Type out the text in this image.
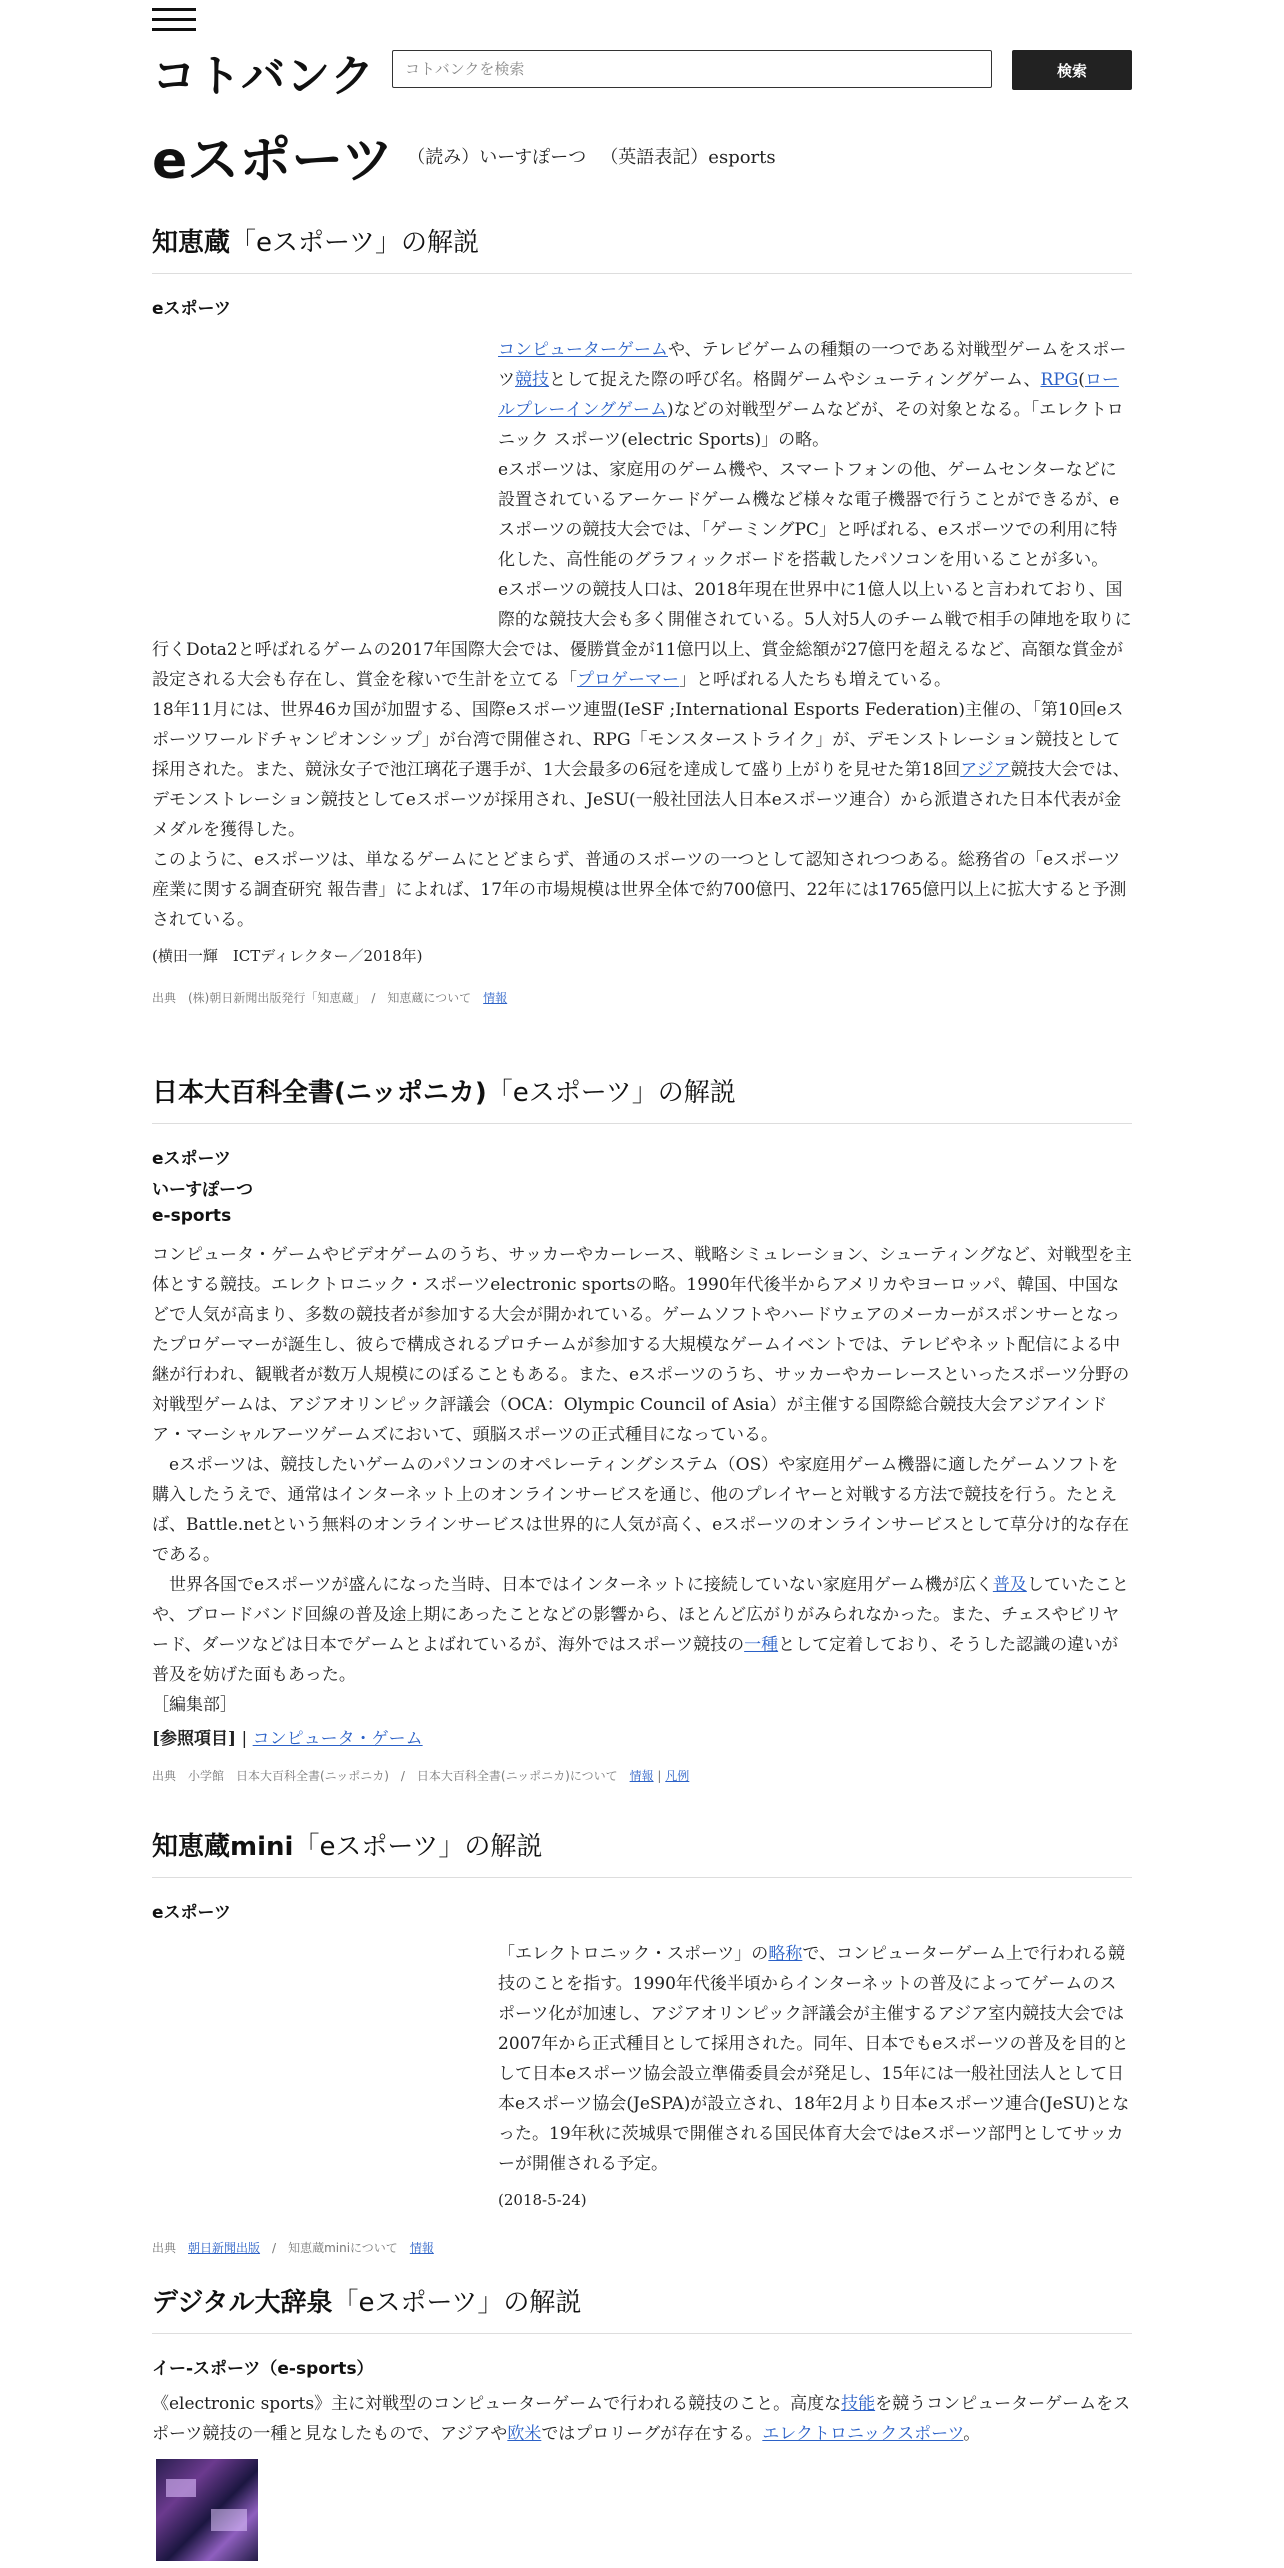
コトバンク
コトバンクを検索	検索
eスポーツ （読み）いーすぽーつ （英語表記）esports
知恵蔵「eスポーツ」の解説
eスポーツ

コンピューターゲームや、テレビゲームの種類の一つである対戦型ゲームをスポーツ競技として捉えた際の呼び名。格闘ゲームやシューティングゲーム、RPG(ロールプレーイングゲーム)などの対戦型ゲームなどが、その対象となる。「エレクトロニック スポーツ(electric Sports)」の略。

eスポーツは、家庭用のゲーム機や、スマートフォンの他、ゲームセンターなどに設置されているアーケードゲーム機など様々な電子機器で行うことができるが、eスポーツの競技大会では、「ゲーミングPC」と呼ばれる、eスポーツでの利用に特化した、高性能のグラフィックボードを搭載したパソコンを用いることが多い。

eスポーツの競技人口は、2018年現在世界中に1億人以上いると言われており、国際的な競技大会も多く開催されている。5人対5人のチーム戦で相手の陣地を取りに行くDota2と呼ばれるゲームの2017年国際大会では、優勝賞金が11億円以上、賞金総額が27億円を超えるなど、高額な賞金が設定される大会も存在し、賞金を稼いで生計を立てる「プロゲーマー」と呼ばれる人たちも増えている。

18年11月には、世界46カ国が加盟する、国際eスポーツ連盟(IeSF ;International Esports Federation)主催の、「第10回eスポーツワールドチャンピオンシップ」が台湾で開催され、RPG「モンスターストライク」が、デモンストレーション競技として採用された。また、競泳女子で池江璃花子選手が、1大会最多の6冠を達成して盛り上がりを見せた第18回アジア競技大会では、デモンストレーション競技としてeスポーツが採用され、JeSU(一般社団法人日本eスポーツ連合）から派遣された日本代表が金メダルを獲得した。

このように、eスポーツは、単なるゲームにとどまらず、普通のスポーツの一つとして認知されつつある。総務省の「eスポーツ産業に関する調査研究 報告書」によれば、17年の市場規模は世界全体で約700億円、22年には1765億円以上に拡大すると予測されている。

(横田一輝　ICTディレクター／2018年)
出典　(株)朝日新聞出版発行「知恵蔵」　/　知恵蔵について　情報
日本大百科全書(ニッポニカ)「eスポーツ」の解説
eスポーツ
いーすぽーつ
e-sports

コンピュータ・ゲームやビデオゲームのうち、サッカーやカーレース、戦略シミュレーション、シューティングなど、対戦型を主体とする競技。エレクトロニック・スポーツelectronic sportsの略。1990年代後半からアメリカやヨーロッパ、韓国、中国などで人気が高まり、多数の競技者が参加する大会が開かれている。ゲームソフトやハードウェアのメーカーがスポンサーとなったプロゲーマーが誕生し、彼らで構成されるプロチームが参加する大規模なゲームイベントでは、テレビやネット配信による中継が行われ、観戦者が数万人規模にのぼることもある。また、eスポーツのうち、サッカーやカーレースといったスポーツ分野の対戦型ゲームは、アジアオリンピック評議会（OCA：Olympic Council of Asia）が主催する国際総合競技大会アジアインドア・マーシャルアーツゲームズにおいて、頭脳スポーツの正式種目になっている。

eスポーツは、競技したいゲームのパソコンのオペレーティングシステム（OS）や家庭用ゲーム機器に適したゲームソフトを購入したうえで、通常はインターネット上のオンラインサービスを通じ、他のプレイヤーと対戦する方法で競技を行う。たとえば、Battle.netという無料のオンラインサービスは世界的に人気が高く、eスポーツのオンラインサービスとして草分け的な存在である。

世界各国でeスポーツが盛んになった当時、日本ではインターネットに接続していない家庭用ゲーム機が広く普及していたことや、ブロードバンド回線の普及途上期にあったことなどの影響から、ほとんど広がりがみられなかった。また、チェスやビリヤード、ダーツなどは日本でゲームとよばれているが、海外ではスポーツ競技の一種として定着しており、そうした認識の違いが普及を妨げた面もあった。

［編集部］

[参照項目] | コンピュータ・ゲーム
出典　小学館　日本大百科全書(ニッポニカ)　/　日本大百科全書(ニッポニカ)について　情報 | 凡例
知恵蔵mini「eスポーツ」の解説
eスポーツ

「エレクトロニック・スポーツ」の略称で、コンピューターゲーム上で行われる競技のことを指す。1990年代後半頃からインターネットの普及によってゲームのスポーツ化が加速し、アジアオリンピック評議会が主催するアジア室内競技大会では2007年から正式種目として採用された。同年、日本でもeスポーツの普及を目的として日本eスポーツ協会設立準備委員会が発足し、15年には一般社団法人として日本eスポーツ協会(JeSPA)が設立され、18年2月より日本eスポーツ連合(JeSU)となった。19年秋に茨城県で開催される国民体育大会ではeスポーツ部門としてサッカーが開催される予定。

(2018-5-24)
出典　朝日新聞出版　/　知恵蔵miniについて　情報
デジタル大辞泉「eスポーツ」の解説
イー‐スポーツ（e-sports）

《electronic sports》主に対戦型のコンピューターゲームで行われる競技のこと。高度な技能を競うコンピューターゲームをスポーツ競技の一種と見なしたもので、アジアや欧米ではプロリーグが存在する。エレクトロニックスポーツ。
